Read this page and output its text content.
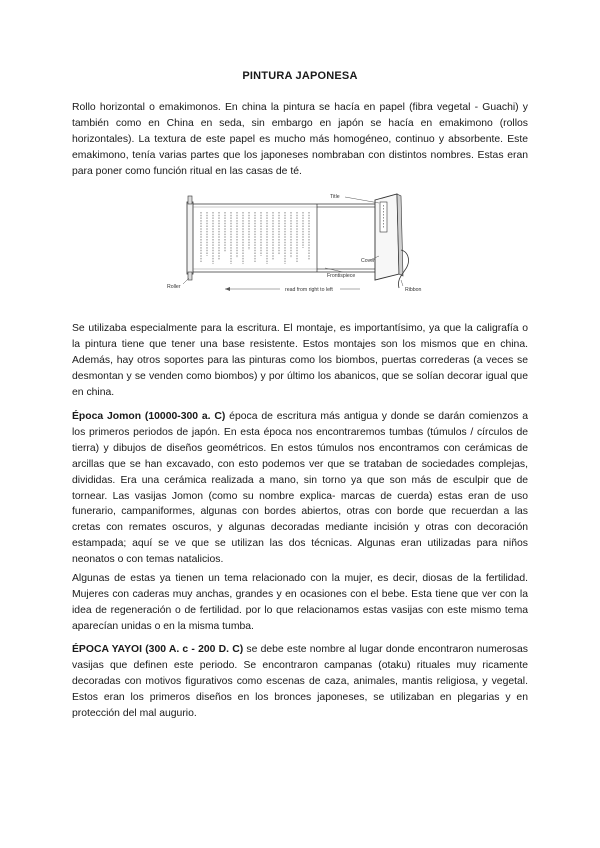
PINTURA JAPONESA

Rollo horizontal o emakimonos. En china la pintura se hacía en papel (fibra vegetal - Guachi) y también como en China en seda, sin embargo en japón se hacía en emakimono (rollos horizontales). La textura de este papel es mucho más homogéneo, continuo y absorbente. Este emakimono, tenía varias partes que los japoneses nombraban con distintos nombres. Estas eran para poner como función ritual en las casas de té.

Title
Cover
Frontispiece
Roller	read from right to left	Ribbon

Se utilizaba especialmente para la escritura. El montaje, es importantísimo, ya que la caligrafía o la pintura tiene que tener una base resistente. Estos montajes son los mismos que en china. Además, hay otros soportes para las pinturas como los biombos, puertas correderas (a veces se desmontan y se venden como biombos) y por último los abanicos, que se solían decorar igual que en china.

Época Jomon (10000-300 a. C) época de escritura más antigua y donde se darán comienzos a los primeros periodos de japón. En esta época nos encontraremos tumbas (túmulos / círculos de tierra) y dibujos de diseños geométricos. En estos túmulos nos encontramos con cerámicas de arcillas que se han excavado, con esto podemos ver que se trataban de sociedades complejas, divididas. Era una cerámica realizada a mano, sin torno ya que son más de esculpir que de tornear. Las vasijas Jomon (como su nombre explica- marcas de cuerda) estas eran de uso funerario, campaniformes, algunas con bordes abiertos, otras con borde que recuerdan a las cretas con remates oscuros, y algunas decoradas mediante incisión y otras con decoración estampada; aquí se ve que se utilizan las dos técnicas. Algunas eran utilizadas para niños neonatos o con temas natalicios.

Algunas de estas ya tienen un tema relacionado con la mujer, es decir, diosas de la fertilidad. Mujeres con caderas muy anchas, grandes y en ocasiones con el bebe. Esta tiene que ver con la idea de regeneración o de fertilidad. por lo que relacionamos estas vasijas con este mismo tema aparecían unidas o en la misma tumba.

ÉPOCA YAYOI (300 A. c - 200 D. C) se debe este nombre al lugar donde encontraron numerosas vasijas que definen este periodo. Se encontraron campanas (otaku) rituales muy ricamente decoradas con motivos figurativos como escenas de caza, animales, mantis religiosa, y vegetal. Estos eran los primeros diseños en los bronces japoneses, se utilizaban en plegarias y en protección del mal augurio.
